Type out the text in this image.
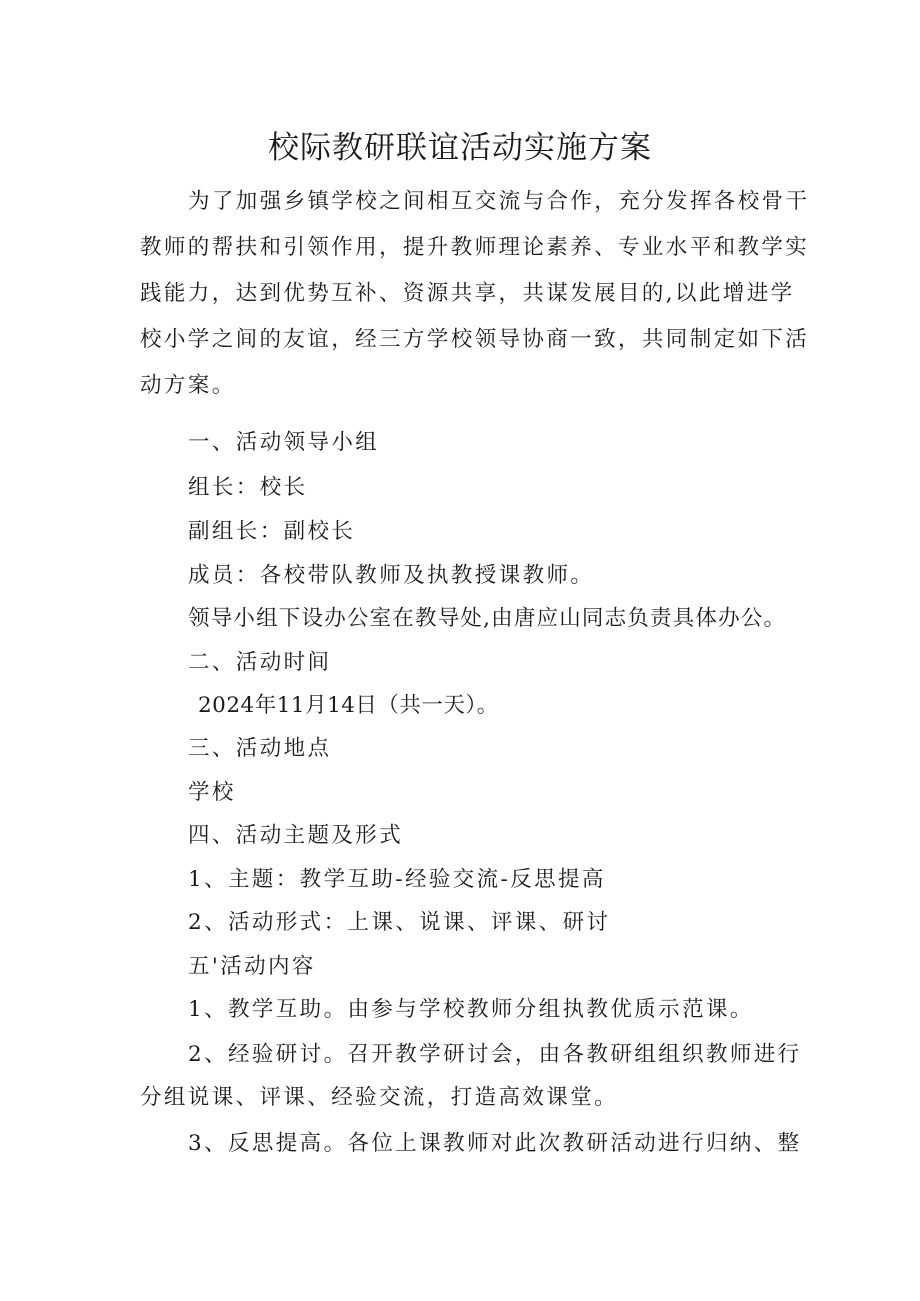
校际教研联谊活动实施方案

为了加强乡镇学校之间相互交流与合作，充分发挥各校骨干

教师的帮扶和引领作用，提升教师理论素养、专业水平和教学实

践能力，达到优势互补、资源共享，共谋发展目的,以此增进学

校小学之间的友谊，经三方学校领导协商一致，共同制定如下活

动方案。

一、活动领导小组

组长：校长

副组长：副校长

成员：各校带队教师及执教授课教师。

领导小组下设办公室在教导处,由唐应山同志负责具体办公。

二、活动时间

2024年11月14日（共一天）。

三、活动地点

学校

四、活动主题及形式

1、主题：教学互助-经验交流-反思提高

2、活动形式：上课、说课、评课、研讨

五'活动内容

1、教学互助。由参与学校教师分组执教优质示范课。

2、经验研讨。召开教学研讨会，由各教研组组织教师进行

分组说课、评课、经验交流，打造高效课堂。

3、反思提高。各位上课教师对此次教研活动进行归纳、整
